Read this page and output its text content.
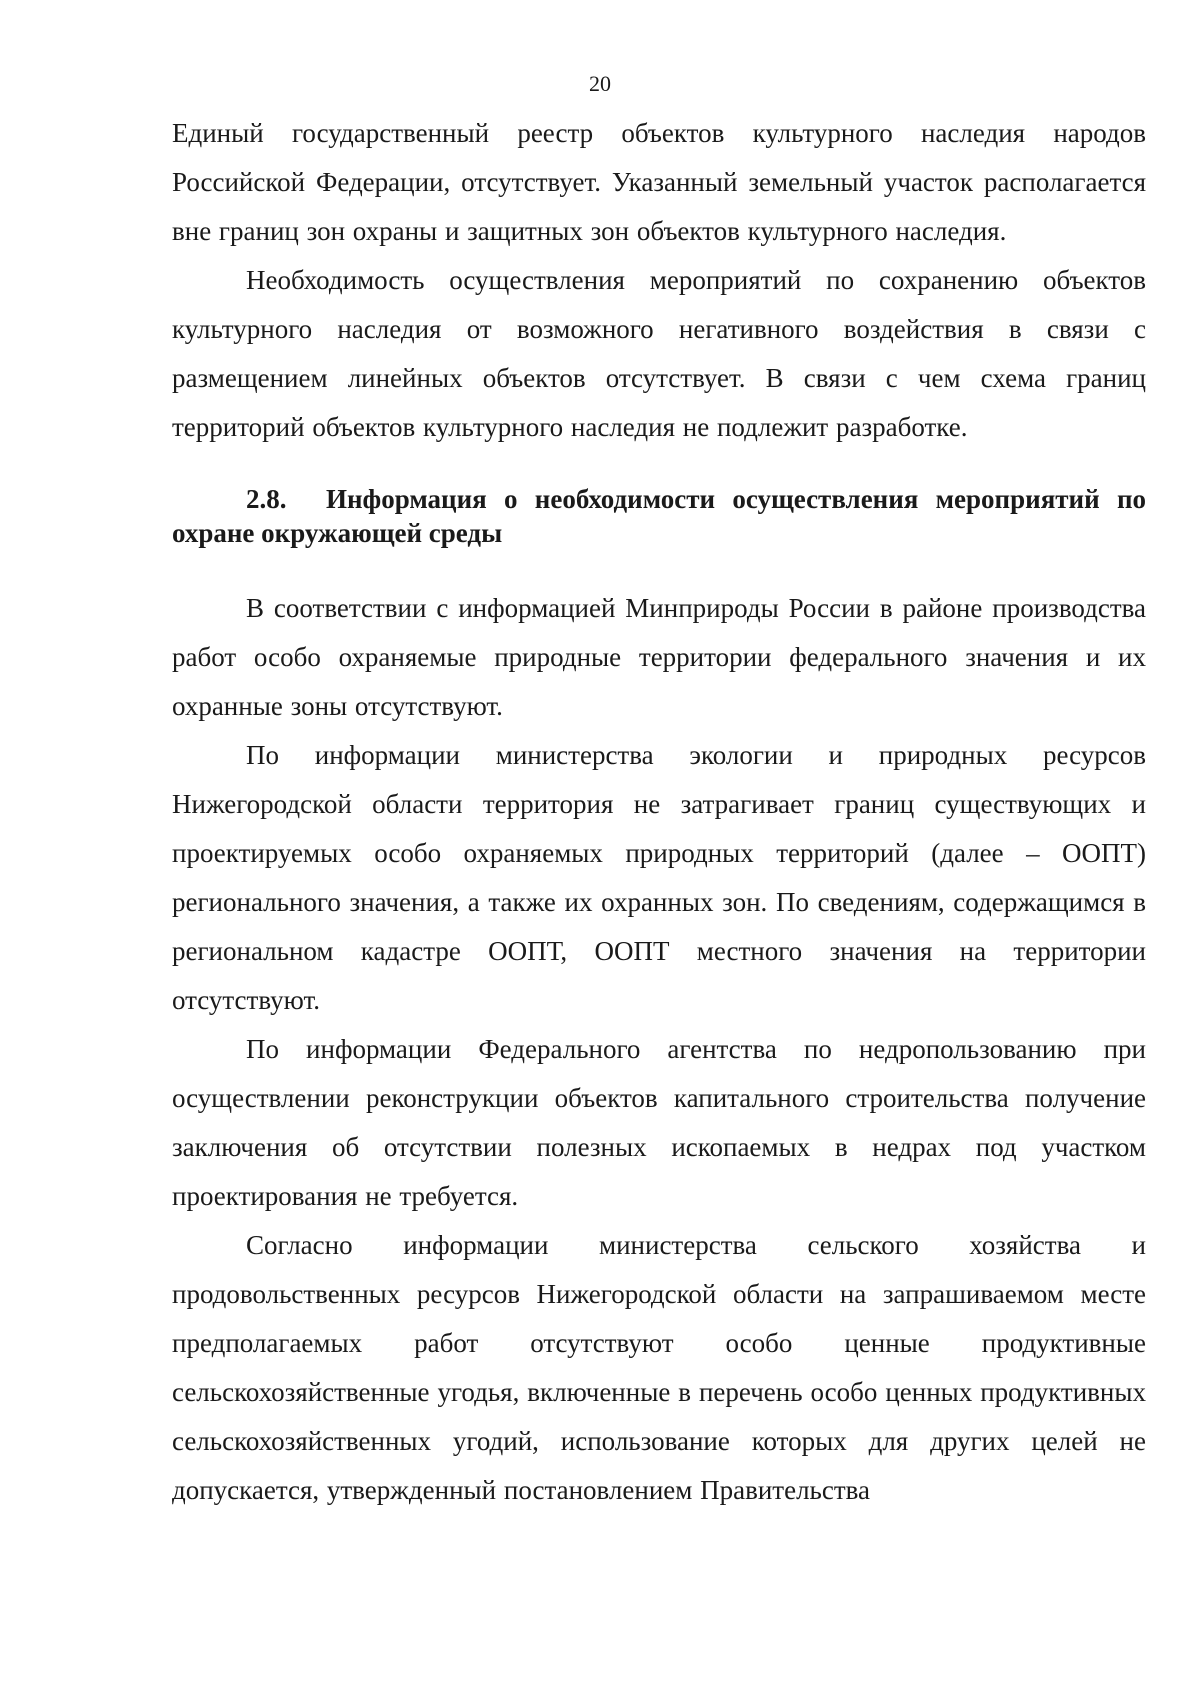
20

Единый государственный реестр объектов культурного наследия народов Российской Федерации, отсутствует. Указанный земельный участок располагается вне границ зон охраны и защитных зон объектов культурного наследия.

Необходимость осуществления мероприятий по сохранению объектов культурного наследия от возможного негативного воздействия в связи с размещением линейных объектов отсутствует. В связи с чем схема границ территорий объектов культурного наследия не подлежит разработке.

2.8. Информация о необходимости осуществления мероприятий по охране окружающей среды

В соответствии с информацией Минприроды России в районе производства работ особо охраняемые природные территории федерального значения и их охранные зоны отсутствуют.

По информации министерства экологии и природных ресурсов Нижегородской области территория не затрагивает границ существующих и проектируемых особо охраняемых природных территорий (далее – ООПТ) регионального значения, а также их охранных зон. По сведениям, содержащимся в региональном кадастре ООПТ, ООПТ местного значения на территории отсутствуют.

По информации Федерального агентства по недропользованию при осуществлении реконструкции объектов капитального строительства получение заключения об отсутствии полезных ископаемых в недрах под участком проектирования не требуется.

Согласно информации министерства сельского хозяйства и продовольственных ресурсов Нижегородской области на запрашиваемом месте предполагаемых работ отсутствуют особо ценные продуктивные сельскохозяйственные угодья, включенные в перечень особо ценных продуктивных сельскохозяйственных угодий, использование которых для других целей не допускается, утвержденный постановлением Правительства
